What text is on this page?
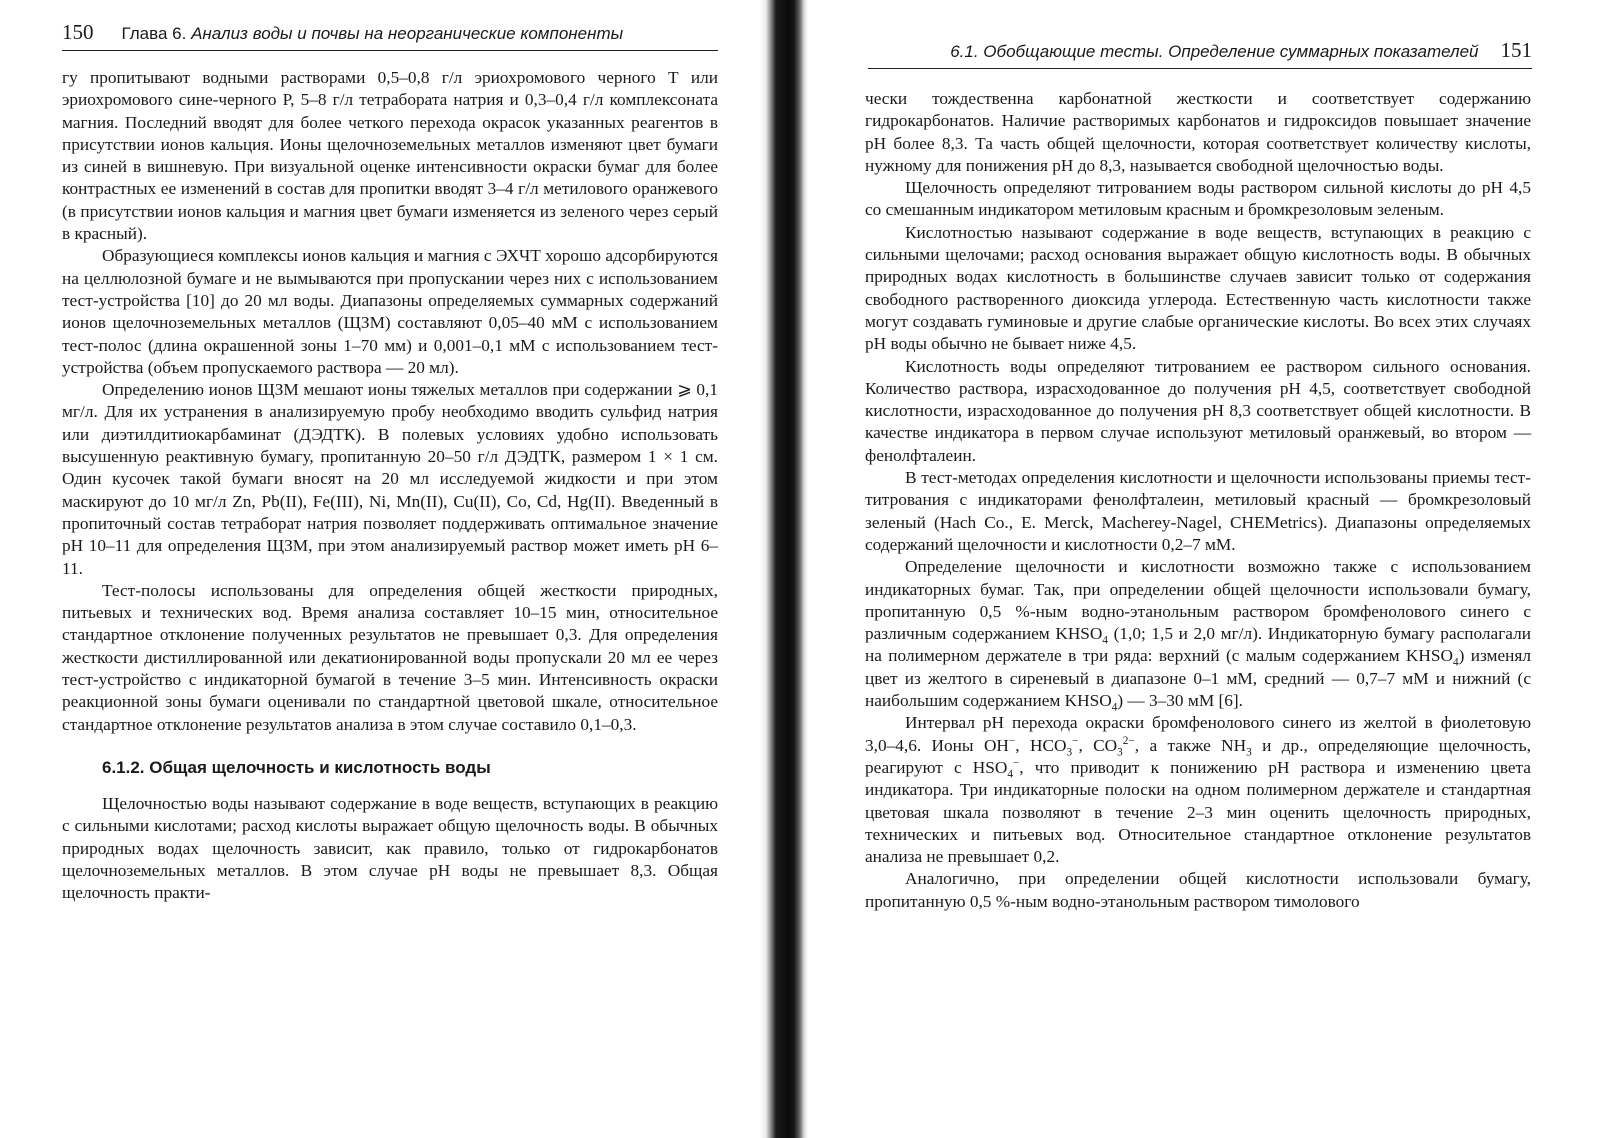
150 Глава 6. Анализ воды и почвы на неорганические компоненты

гу пропитывают водными растворами 0,5–0,8 г/л эриохромового черного Т или эриохромового сине-черного Р, 5–8 г/л тетрабората натрия и 0,3–0,4 г/л комплексоната магния. Последний вводят для более четкого перехода окрасок указанных реагентов в присутствии ионов кальция. Ионы щелочноземельных металлов изменяют цвет бумаги из синей в вишневую. При визуальной оценке интенсивности окраски бумаг для более контрастных ее изменений в состав для пропитки вводят 3–4 г/л метилового оранжевого (в присутствии ионов кальция и магния цвет бумаги изменяется из зеленого через серый в красный).

Образующиеся комплексы ионов кальция и магния с ЭХЧТ хорошо адсорбируются на целлюлозной бумаге и не вымываются при пропускании через них с использованием тест-устройства [10] до 20 мл воды. Диапазоны определяемых суммарных содержаний ионов щелочноземельных металлов (ЩЗМ) составляют 0,05–40 мМ с использованием тест-полос (длина окрашенной зоны 1–70 мм) и 0,001–0,1 мМ с использованием тест-устройства (объем пропускаемого раствора — 20 мл).

Определению ионов ЩЗМ мешают ионы тяжелых металлов при содержании ⩾ 0,1 мг/л. Для их устранения в анализируемую пробу необходимо вводить сульфид натрия или диэтилдитиокарбаминат (ДЭДТК). В полевых условиях удобно использовать высушенную реактивную бумагу, пропитанную 20–50 г/л ДЭДТК, размером 1 × 1 см. Один кусочек такой бумаги вносят на 20 мл исследуемой жидкости и при этом маскируют до 10 мг/л Zn, Pb(II), Fe(III), Ni, Mn(II), Cu(II), Co, Cd, Hg(II). Введенный в пропиточный состав тетраборат натрия позволяет поддерживать оптимальное значение pH 10–11 для определения ЩЗМ, при этом анализируемый раствор может иметь pH 6–11.

Тест-полосы использованы для определения общей жесткости природных, питьевых и технических вод. Время анализа составляет 10–15 мин, относительное стандартное отклонение полученных результатов не превышает 0,3. Для определения жесткости дистиллированной или декатионированной воды пропускали 20 мл ее через тест-устройство с индикаторной бумагой в течение 3–5 мин. Интенсивность окраски реакционной зоны бумаги оценивали по стандартной цветовой шкале, относительное стандартное отклонение результатов анализа в этом случае составило 0,1–0,3.

6.1.2. Общая щелочность и кислотность воды

Щелочностью воды называют содержание в воде веществ, вступающих в реакцию с сильными кислотами; расход кислоты выражает общую щелочность воды. В обычных природных водах щелочность зависит, как правило, только от гидрокарбонатов щелочноземельных металлов. В этом случае pH воды не превышает 8,3. Общая щелочность практи-

6.1. Обобщающие тесты. Определение суммарных показателей 151

чески тождественна карбонатной жесткости и соответствует содержанию гидрокарбонатов. Наличие растворимых карбонатов и гидроксидов повышает значение pH более 8,3. Та часть общей щелочности, которая соответствует количеству кислоты, нужному для понижения pH до 8,3, называется свободной щелочностью воды.

Щелочность определяют титрованием воды раствором сильной кислоты до pH 4,5 со смешанным индикатором метиловым красным и бромкрезоловым зеленым.

Кислотностью называют содержание в воде веществ, вступающих в реакцию с сильными щелочами; расход основания выражает общую кислотность воды. В обычных природных водах кислотность в большинстве случаев зависит только от содержания свободного растворенного диоксида углерода. Естественную часть кислотности также могут создавать гуминовые и другие слабые органические кислоты. Во всех этих случаях pH воды обычно не бывает ниже 4,5.

Кислотность воды определяют титрованием ее раствором сильного основания. Количество раствора, израсходованное до получения pH 4,5, соответствует свободной кислотности, израсходованное до получения pH 8,3 соответствует общей кислотности. В качестве индикатора в первом случае используют метиловый оранжевый, во втором — фенолфталеин.

В тест-методах определения кислотности и щелочности использованы приемы тест-титрования с индикаторами фенолфталеин, метиловый красный — бромкрезоловый зеленый (Hach Co., E. Merck, Macherey-Nagel, CHEMetrics). Диапазоны определяемых содержаний щелочности и кислотности 0,2–7 мМ.

Определение щелочности и кислотности возможно также с использованием индикаторных бумаг. Так, при определении общей щелочности использовали бумагу, пропитанную 0,5 %-ным водно-этанольным раствором бромфенолового синего с различным содержанием $KHSO_4$ (1,0; 1,5 и 2,0 мг/л). Индикаторную бумагу располагали на полимерном держателе в три ряда: верхний (с малым содержанием $KHSO_4$) изменял цвет из желтого в сиреневый в диапазоне 0–1 мМ, средний — 0,7–7 мМ и нижний (с наибольшим содержанием $KHSO_4$) — 3–30 мМ [6].

Интервал pH перехода окраски бромфенолового синего из желтой в фиолетовую 3,0–4,6. Ионы OH−, $HCO_3^-$, $CO_3^{2-}$, а также $NH_3$ и др., определяющие щелочность, реагируют с $HSO_4^-$, что приводит к понижению pH раствора и изменению цвета индикатора. Три индикаторные полоски на одном полимерном держателе и стандартная цветовая шкала позволяют в течение 2–3 мин оценить щелочность природных, технических и питьевых вод. Относительное стандартное отклонение результатов анализа не превышает 0,2.

Аналогично, при определении общей кислотности использовали бумагу, пропитанную 0,5 %-ным водно-этанольным раствором тимолового
